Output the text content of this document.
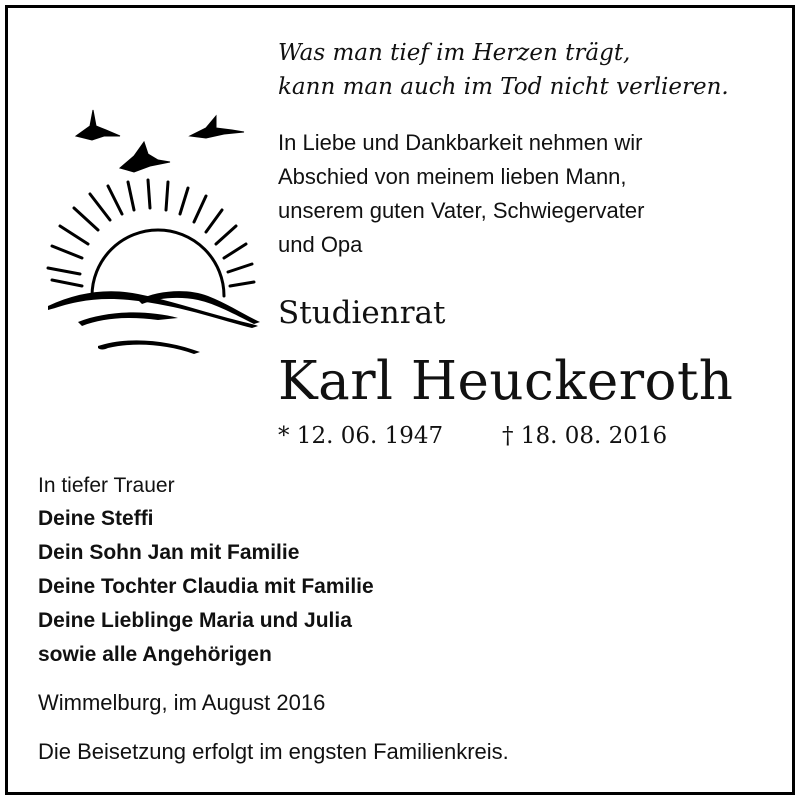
Was man tief im Herzen trägt,

kann man auch im Tod nicht verlieren.

In Liebe und Dankbarkeit nehmen wir

Abschied von meinem lieben Mann,

unserem guten Vater, Schwiegervater

und Opa

Studienrat

Karl Heuckeroth

* 12. 06. 1947	† 18. 08. 2016

In tiefer Trauer

Deine Steffi

Dein Sohn Jan mit Familie

Deine Tochter Claudia mit Familie

Deine Lieblinge Maria und Julia

sowie alle Angehörigen

Wimmelburg, im August 2016

Die Beisetzung erfolgt im engsten Familienkreis.
